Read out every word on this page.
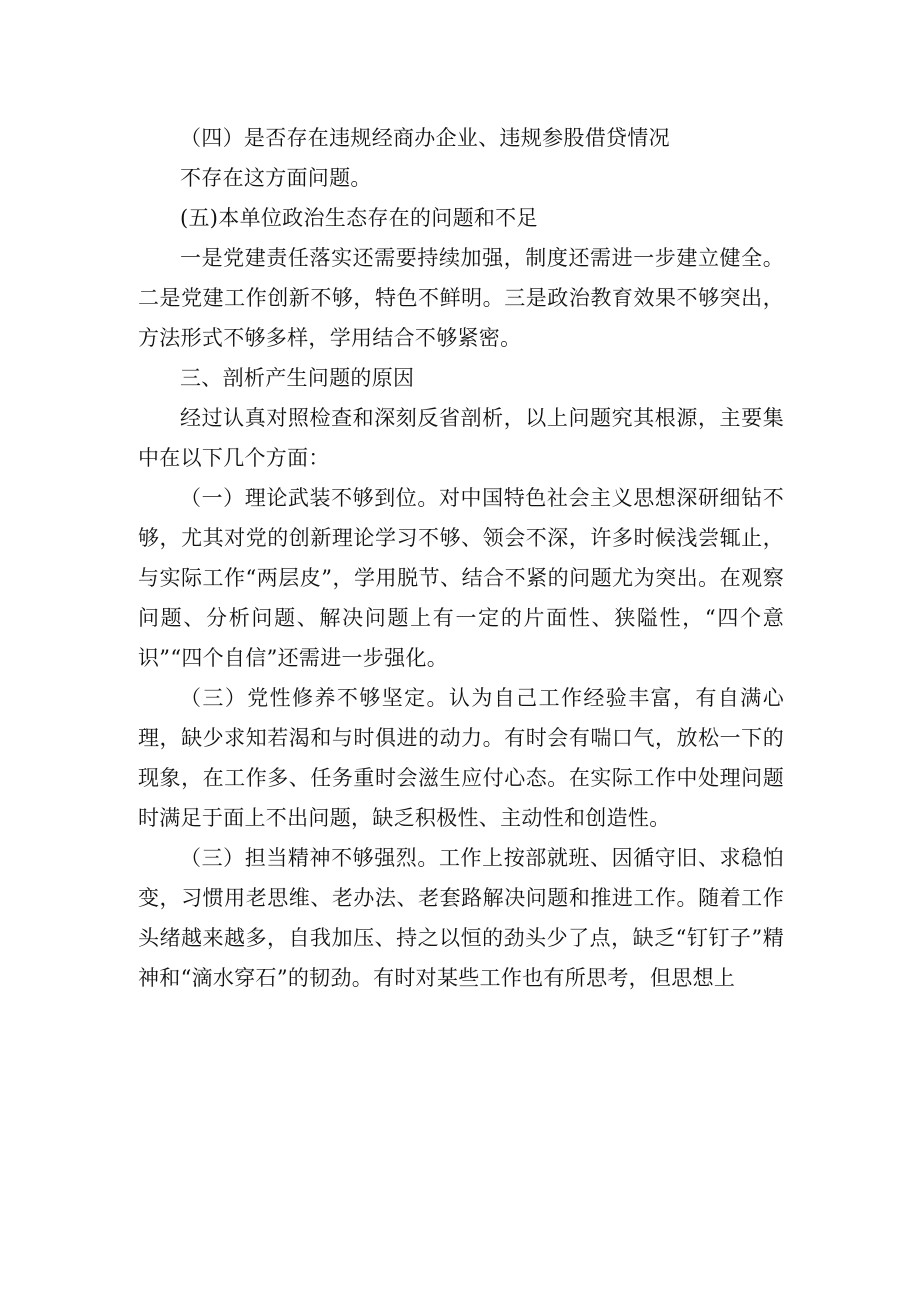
（四）是否存在违规经商办企业、违规参股借贷情况

不存在这方面问题。

(五)本单位政治生态存在的问题和不足

一是党建责任落实还需要持续加强，制度还需进一步建立健全。二是党建工作创新不够，特色不鲜明。三是政治教育效果不够突出，方法形式不够多样，学用结合不够紧密。

三、剖析产生问题的原因

经过认真对照检查和深刻反省剖析，以上问题究其根源，主要集中在以下几个方面：

（一）理论武装不够到位。对中国特色社会主义思想深研细钻不够，尤其对党的创新理论学习不够、领会不深，许多时候浅尝辄止，与实际工作“两层皮”，学用脱节、结合不紧的问题尤为突出。在观察问题、分析问题、解决问题上有一定的片面性、狭隘性，“四个意识”“四个自信”还需进一步强化。

（三）党性修养不够坚定。认为自己工作经验丰富，有自满心理，缺少求知若渴和与时俱进的动力。有时会有喘口气，放松一下的现象，在工作多、任务重时会滋生应付心态。在实际工作中处理问题时满足于面上不出问题，缺乏积极性、主动性和创造性。

（三）担当精神不够强烈。工作上按部就班、因循守旧、求稳怕变，习惯用老思维、老办法、老套路解决问题和推进工作。随着工作头绪越来越多，自我加压、持之以恒的劲头少了点，缺乏“钉钉子”精神和“滴水穿石”的韧劲。有时对某些工作也有所思考，但思想上
